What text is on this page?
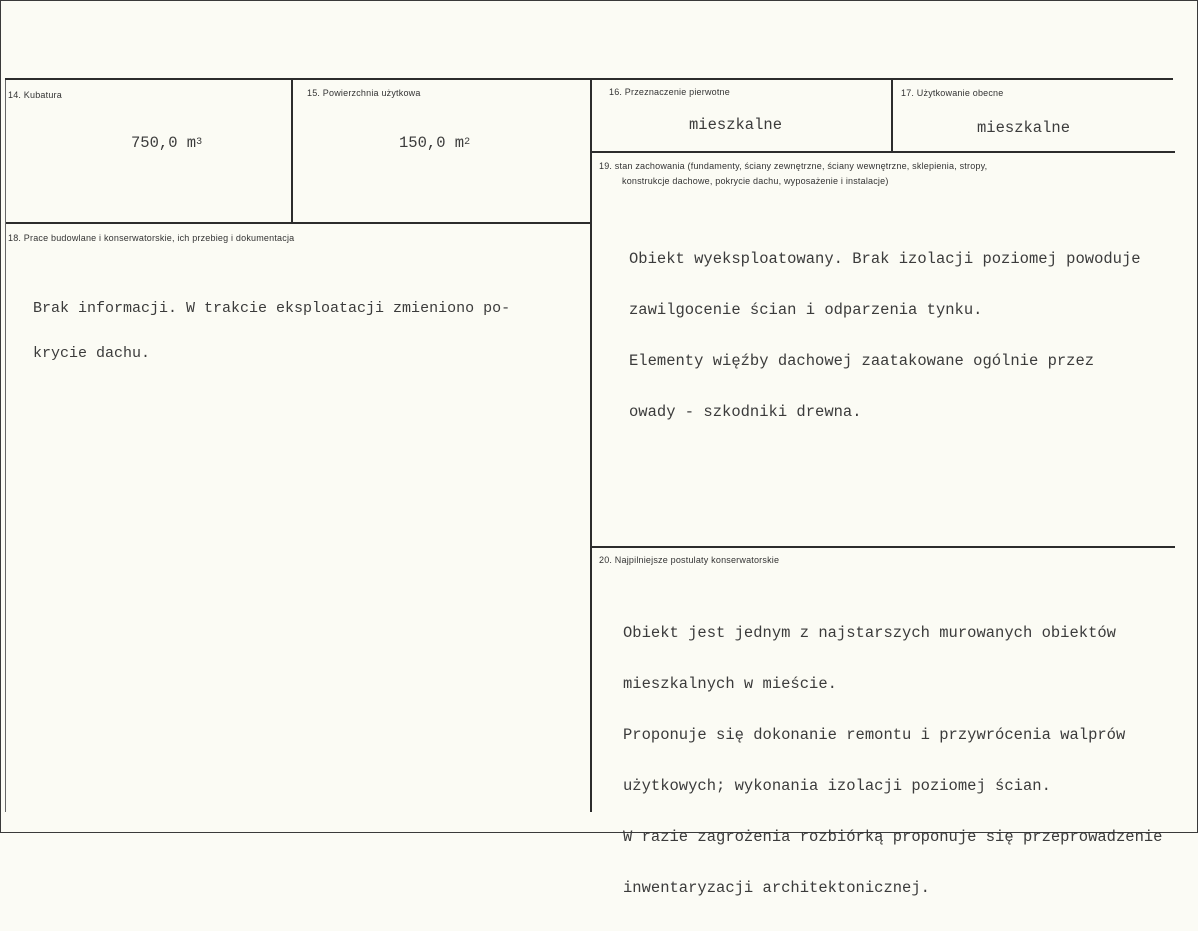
14. Kubatura
750,0 $m^3$
15. Powierzchnia użytkowa
150,0 $m^2$
16. Przeznaczenie pierwotne
mieszkalne
17. Użytkowanie obecne
mieszkalne
18. Prace budowlane i konserwatorskie, ich przebieg i dokumentacja

Brak informacji. W trakcie eksploatacji zmieniono po-

krycie dachu.

19. stan zachowania (fundamenty, ściany zewnętrzne, ściany wewnętrzne, sklepienia, stropy,
konstrukcje dachowe, pokrycie dachu, wyposażenie i instalacje)

Obiekt wyeksploatowany. Brak izolacji poziomej powoduje

zawilgocenie ścian i odparzenia tynku.

Elementy więźby dachowej zaatakowane ogólnie przez

owady - szkodniki drewna.

20. Najpilniejsze postulaty konserwatorskie

Obiekt jest jednym z najstarszych murowanych obiektów

mieszkalnych w mieście.

Proponuje się dokonanie remontu i przywrócenia walprów

użytkowych; wykonania izolacji poziomej ścian.

W razie zagrożenia rozbiórką proponuje się przeprowadzenie

inwentaryzacji architektonicznej.
